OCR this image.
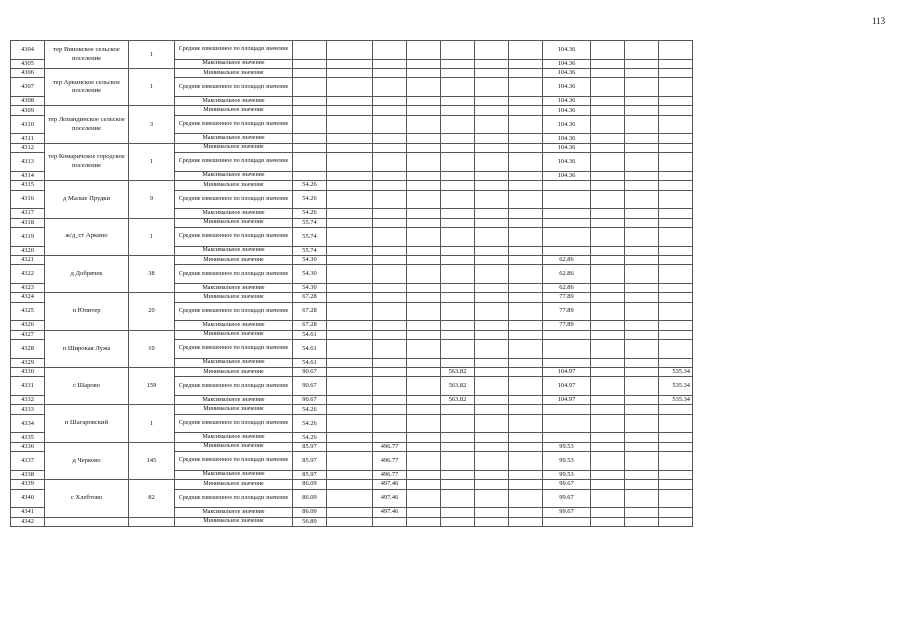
113
4304	тер Винокское сельское поселение	1	Средние взвешенное по площади значение								104.36			
4305			Максимальное значение								104.36			
4306	тер Аркинское сельское поселение	1	Минимальное значение								104.36			
4307			Средние взвешенное по площади значение								104.36			
4308			Максимальное значение								104.36			
4309	тер Лопандинское сельское поселение	3	Минимальное значение								104.36			
4310			Средние взвешенное по площади значение								104.36			
4311			Максимальное значение								104.36			
4312	тер Комаричское городское поселение	1	Минимальное значение								104.36			
4313			Средние взвешенное по площади значение								104.36			
4314			Максимальное значение								104.36			
4315	д Малые Прудки	9	Минимальное значение	54.26										
4316			Средние взвешенное по площади значение	54.26										
4317			Максимальное значение	54.26										
4318	ж/д_ст Аркино	1	Минимальное значение	55.74										
4319			Средние взвешенное по площади значение	55.74										
4320			Максимальное значение	55.74										
4321	д Добрячек	38	Минимальное значение	54.30							62.86			
4322			Средние взвешенное по площади значение	54.30							62.86			
4323			Максимальное значение	54.30							62.86			
4324	п Юпитер	20	Минимальное значение	67.28							77.89			
4325			Средние взвешенное по площади значение	67.28							77.89			
4326			Максимальное значение	67.28							77.89			
4327	п Широкая Лужа	10	Минимальное значение	54.61										
4328			Средние взвешенное по площади значение	54.61										
4329			Максимальное значение	54.61										
4330	с Шарово	159	Минимальное значение	90.67				563.82			104.97			535.34
4331			Средние взвешенное по площади значение	90.67				563.82			104.97			535.34
4332			Максимальное значение	90.67				563.82			104.97			535.34
4333	п Шагаровский	1	Минимальное значение	54.26										
4334			Средние взвешенное по площади значение	54.26										
4335			Максимальное значение	54.26										
4336	д Черково	145	Минимальное значение	85.97		496.77					99.53			
4337			Средние взвешенное по площади значение	85.97		496.77					99.53			
4338			Максимальное значение	85.97		496.77					99.53			
4339	с Хлебтово	82	Минимальное значение	86.09		497.46					99.67			
4340			Средние взвешенное по площади значение	86.09		497.46					99.67			
4341			Максимальное значение	86.09		497.46					99.67			
4342			Минимальное значение	56.89										
